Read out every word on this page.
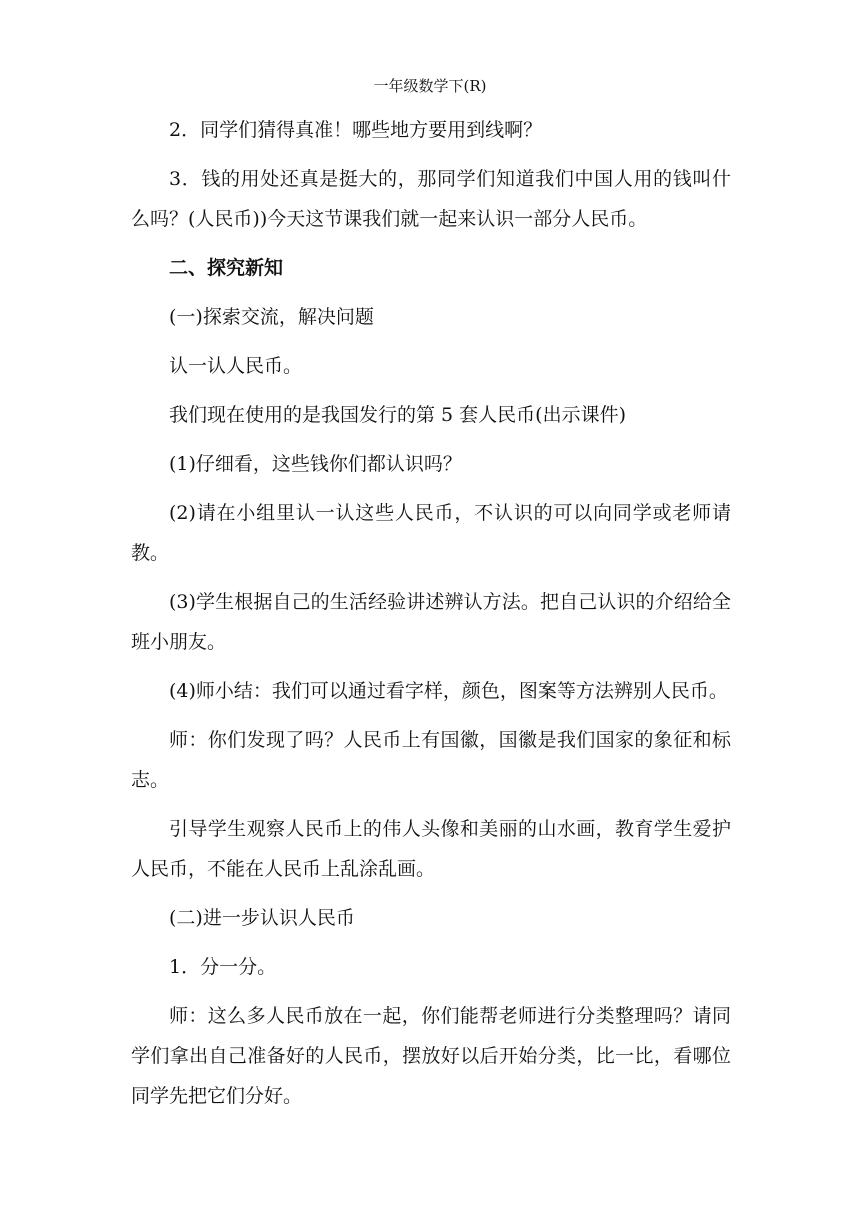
一年级数学下(R)

2．同学们猜得真准！哪些地方要用到线啊？

3．钱的用处还真是挺大的，那同学们知道我们中国人用的钱叫什么吗？(人民币))今天这节课我们就一起来认识一部分人民币。

二、探究新知

(一)探索交流，解决问题

认一认人民币。

我们现在使用的是我国发行的第 5 套人民币(出示课件)

(1)仔细看，这些钱你们都认识吗？

(2)请在小组里认一认这些人民币，不认识的可以向同学或老师请教。

(3)学生根据自己的生活经验讲述辨认方法。把自己认识的介绍给全班小朋友。

(4)师小结：我们可以通过看字样，颜色，图案等方法辨别人民币。

师：你们发现了吗？人民币上有国徽，国徽是我们国家的象征和标志。

引导学生观察人民币上的伟人头像和美丽的山水画，教育学生爱护人民币，不能在人民币上乱涂乱画。

(二)进一步认识人民币

1．分一分。

师：这么多人民币放在一起，你们能帮老师进行分类整理吗？请同学们拿出自己准备好的人民币，摆放好以后开始分类，比一比，看哪位同学先把它们分好。
